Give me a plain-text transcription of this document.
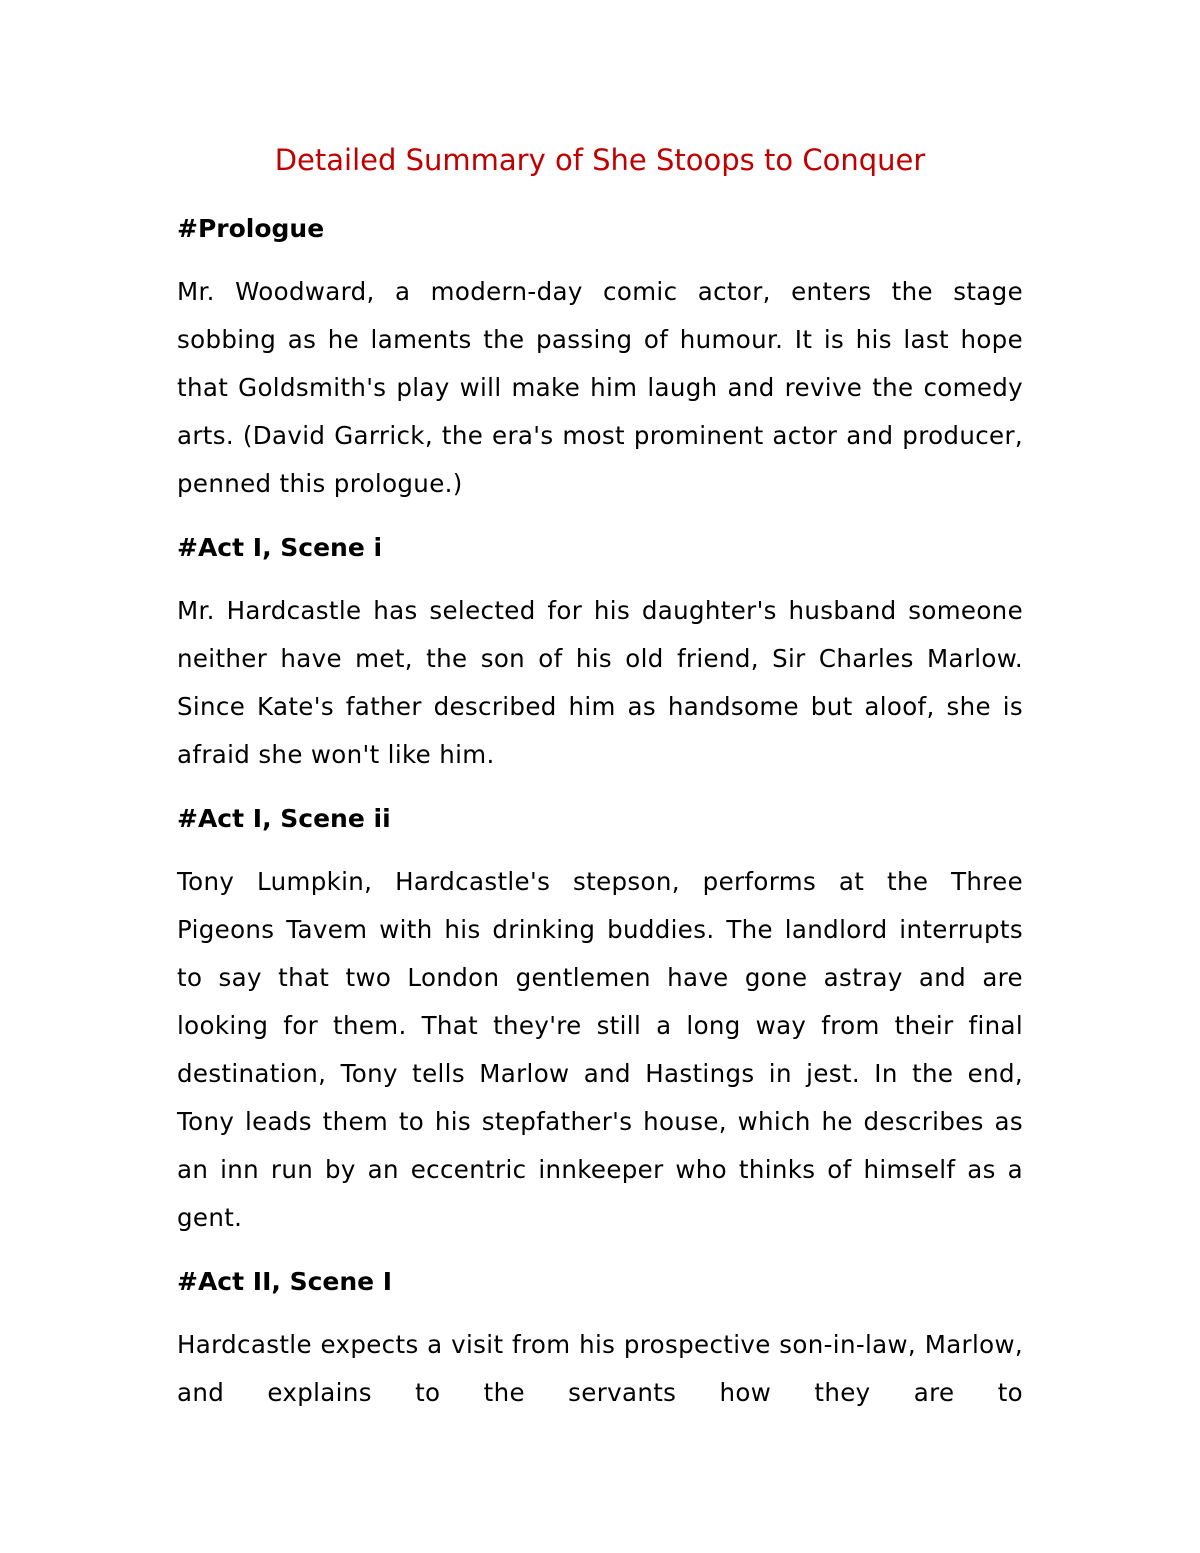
Detailed Summary of She Stoops to Conquer
#Prologue

Mr. Woodward, a modern-day comic actor, enters the stage sobbing as he laments the passing of humour. It is his last hope that Goldsmith's play will make him laugh and revive the comedy arts. (David Garrick, the era's most prominent actor and producer, penned this prologue.)

#Act I, Scene i

Mr. Hardcastle has selected for his daughter's husband someone neither have met, the son of his old friend, Sir Charles Marlow. Since Kate's father described him as handsome but aloof, she is afraid she won't like him.

#Act I, Scene ii

Tony Lumpkin, Hardcastle's stepson, performs at the Three Pigeons Tavem with his drinking buddies. The landlord interrupts to say that two London gentlemen have gone astray and are looking for them. That they're still a long way from their final destination, Tony tells Marlow and Hastings in jest. In the end, Tony leads them to his stepfather's house, which he describes as an inn run by an eccentric innkeeper who thinks of himself as a gent.

#Act II, Scene I

Hardcastle expects a visit from his prospective son-in-law, Marlow, and explains to the servants how they are to
